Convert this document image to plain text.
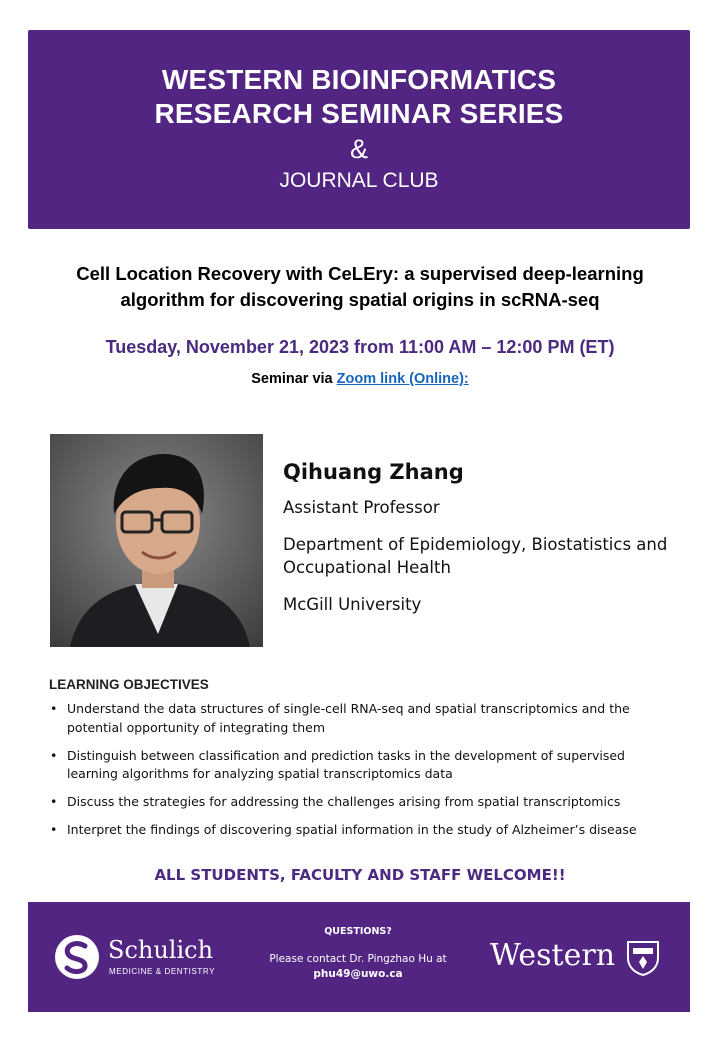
WESTERN BIOINFORMATICS
RESEARCH SEMINAR SERIES
&
JOURNAL CLUB
Cell Location Recovery with CeLEry: a supervised deep-learning
algorithm for discovering spatial origins in scRNA-seq
Tuesday, November 21, 2023 from 11:00 AM – 12:00 PM (ET)
Seminar via Zoom link (Online):
Qihuang Zhang
Assistant Professor
Department of Epidemiology, Biostatistics and Occupational Health
McGill University
LEARNING OBJECTIVES
• Understand the data structures of single-cell RNA-seq and spatial transcriptomics and the potential opportunity of integrating them
• Distinguish between classification and prediction tasks in the development of supervised learning algorithms for analyzing spatial transcriptomics data
• Discuss the strategies for addressing the challenges arising from spatial transcriptomics
• Interpret the findings of discovering spatial information in the study of Alzheimer’s disease
ALL STUDENTS, FACULTY AND STAFF WELCOME!!
Schulich
MEDICINE & DENTISTRY
QUESTIONS?
Please contact Dr. Pingzhao Hu at
phu49@uwo.ca
Western
